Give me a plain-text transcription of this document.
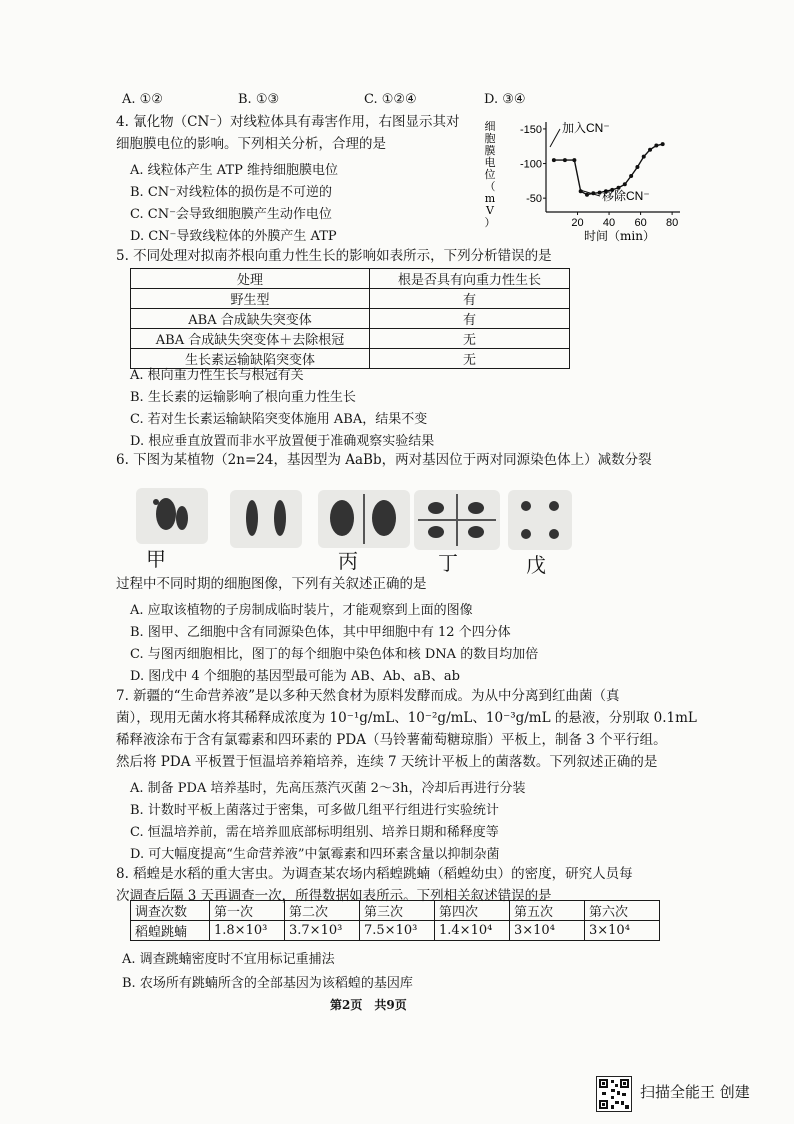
A. ①②	B. ①③	C. ①②④	D. ③④
4. 氰化物（CN⁻）对线粒体具有毒害作用，右图显示其对
细胞膜电位的影响。下列相关分析，合理的是
A. 线粒体产生 ATP 维持细胞膜电位
B. CN⁻对线粒体的损伤是不可逆的
C. CN⁻会导致细胞膜产生动作电位
D. CN⁻导致线粒体的外膜产生 ATP
细
胞
膜
电
位
（
m
V
）
-150
-100
-50
20 40 60 80
加入CN⁻
移除CN⁻
时间（min）
5. 不同处理对拟南芥根向重力性生长的影响如表所示，下列分析错误的是
处理	根是否具有向重力性生长
野生型	有
ABA 合成缺失突变体	有
ABA 合成缺失突变体＋去除根冠	无
生长素运输缺陷突变体	无
A. 根向重力性生长与根冠有关
B. 生长素的运输影响了根向重力性生长
C. 若对生长素运输缺陷突变体施用 ABA，结果不变
D. 根应垂直放置而非水平放置便于准确观察实验结果
6. 下图为某植物（2n=24，基因型为 AaBb，两对基因位于两对同源染色体上）减数分裂
甲	丙	丁	戊
过程中不同时期的细胞图像，下列有关叙述正确的是
A. 应取该植物的子房制成临时装片，才能观察到上面的图像
B. 图甲、乙细胞中含有同源染色体，其中甲细胞中有 12 个四分体
C. 与图丙细胞相比，图丁的每个细胞中染色体和核 DNA 的数目均加倍
D. 图戊中 4 个细胞的基因型最可能为 AB、Ab、aB、ab
7. 新疆的“生命营养液”是以多种天然食材为原料发酵而成。为从中分离到红曲菌（真
菌），现用无菌水将其稀释成浓度为 10⁻¹g/mL、10⁻²g/mL、10⁻³g/mL 的悬液，分别取 0.1mL
稀释液涂布于含有氯霉素和四环素的 PDA（马铃薯葡萄糖琼脂）平板上，制备 3 个平行组。
然后将 PDA 平板置于恒温培养箱培养，连续 7 天统计平板上的菌落数。下列叙述正确的是
A. 制备 PDA 培养基时，先高压蒸汽灭菌 2～3h，冷却后再进行分装
B. 计数时平板上菌落过于密集，可多做几组平行组进行实验统计
C. 恒温培养前，需在培养皿底部标明组别、培养日期和稀释度等
D. 可大幅度提高“生命营养液”中氯霉素和四环素含量以抑制杂菌
8. 稻蝗是水稻的重大害虫。为调查某农场内稻蝗跳蝻（稻蝗幼虫）的密度，研究人员每
次调查后隔 3 天再调查一次，所得数据如表所示。下列相关叙述错误的是
调查次数	第一次	第二次	第三次	第四次	第五次	第六次
稻蝗跳蝻	1.8×10³	3.7×10³	7.5×10³	1.4×10⁴	3×10⁴	3×10⁴
A. 调查跳蝻密度时不宜用标记重捕法
B. 农场所有跳蝻所含的全部基因为该稻蝗的基因库
第2页　共9页
扫描全能王 创建
